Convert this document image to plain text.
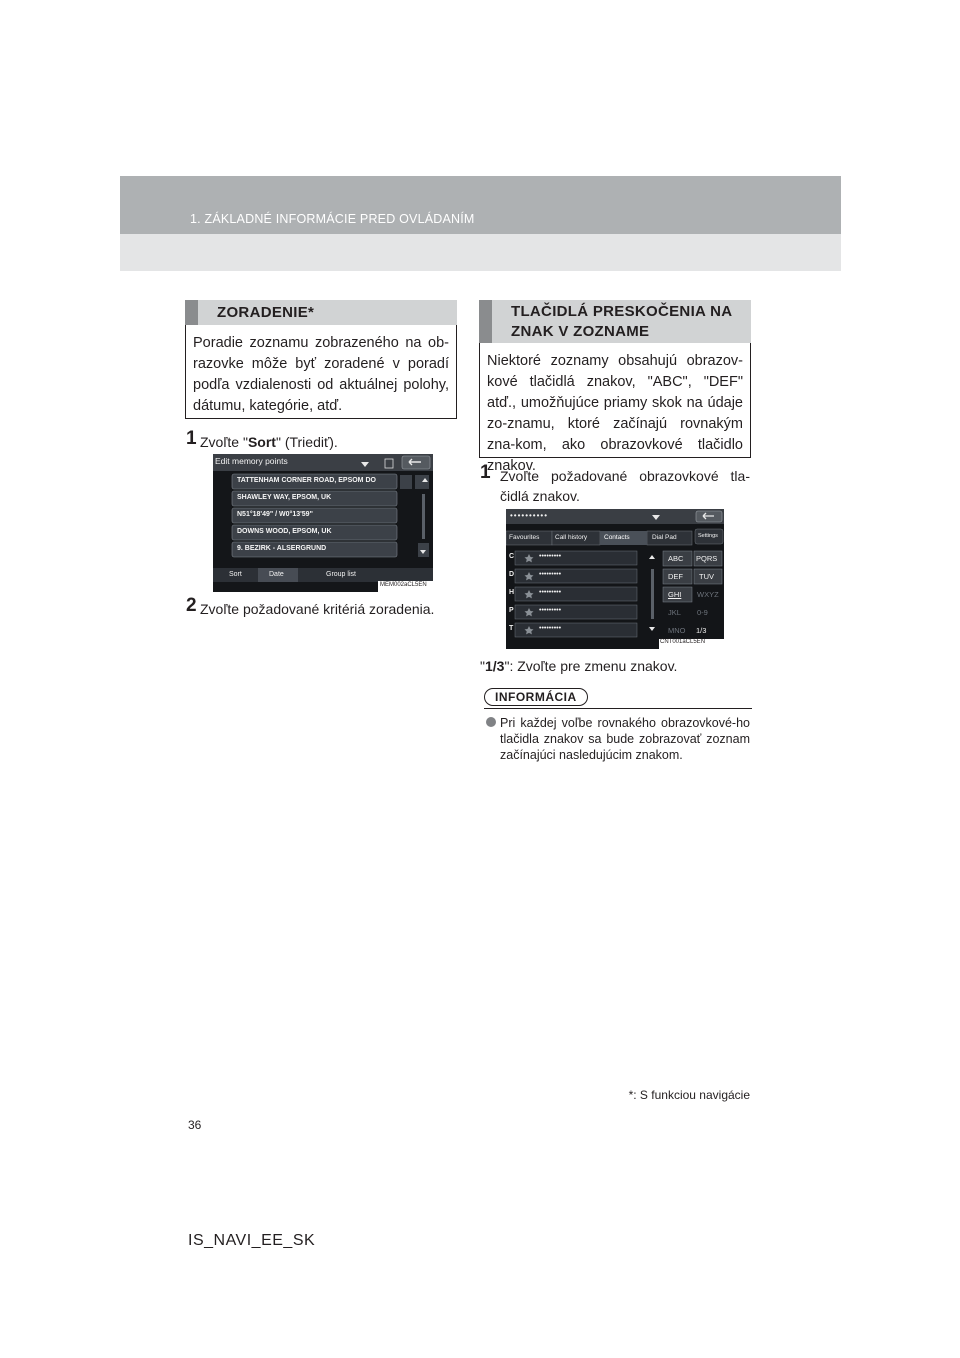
1. ZÁKLADNÉ INFORMÁCIE PRED OVLÁDANÍM
ZORADENIE*
Poradie zoznamu zobrazeného na ob-razovke môže byť zoradené v poradí podľa vzdialenosti od aktuálnej polohy, dátumu, kategórie, atď.
1 Zvoľte "Sort" (Triediť).
Edit memory points
TATTENHAM CORNER ROAD, EPSOM DO
SHAWLEY WAY, EPSOM, UK
N51°18'49" / W0°13'59"
DOWNS WOOD, EPSOM, UK
9. BEZIRK - ALSERGRUND
Sort	Date	Group list
MEM002aCL5EN
2 Zvoľte požadované kritériá zoradenia.
TLAČIDLÁ PRESKOČENIA NA
ZNAK V ZOZNAME
Niektoré zoznamy obsahujú obrazov-kové tlačidlá znakov, "ABC", "DEF" atď., umožňujúce priamy skok na údaje zo-znamu, ktoré začínajú rovnakým zna-kom, ako obrazovkové tlačidlo znakov.
1 Zvoľte požadované obrazovkové tla-čidlá znakov.
••••••••••
Favourites Call history	Contacts	Dial Pad	Settings
C
D
H
P
T
•••••••••
•••••••••
•••••••••
•••••••••
•••••••••
ABC
DEF
GHI
JKL
MNO
PQRS
TUV
WXYZ
0-9
1/3
CNT001aCL5EN
"1/3": Zvoľte pre zmenu znakov.
INFORMÁCIA
Pri každej voľbe rovnakého obrazovkové-ho tlačidla znakov sa bude zobrazovať zoznam začínajúci nasledujúcim znakom.
*: S funkciou navigácie
36
IS_NAVI_EE_SK
